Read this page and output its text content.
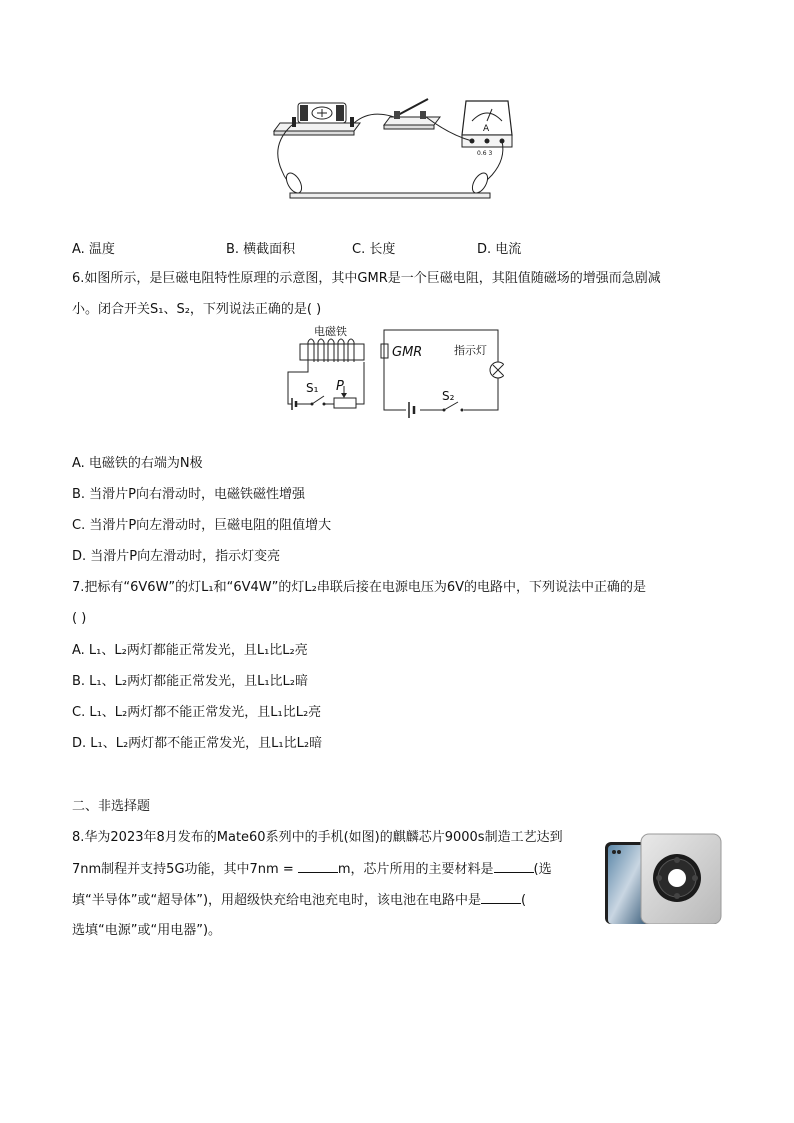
A
0.6 3
A. 温度	B. 横截面积	C. 长度	D. 电流
6.如图所示，是巨磁电阻特性原理的示意图，其中GMR是一个巨磁电阻，其阻值随磁场的增强而急剧减
小。闭合开关S₁、S₂，下列说法正确的是( )
电磁铁
S₁ P
GMR	指示灯
S₂
A. 电磁铁的右端为N极
B. 当滑片P向右滑动时，电磁铁磁性增强
C. 当滑片P向左滑动时，巨磁电阻的阻值增大
D. 当滑片P向左滑动时，指示灯变亮
7.把标有“6V6W”的灯L₁和“6V4W”的灯L₂串联后接在电源电压为6V的电路中，下列说法中正确的是
( )
A. L₁、L₂两灯都能正常发光，且L₁比L₂亮
B. L₁、L₂两灯都能正常发光，且L₁比L₂暗
C. L₁、L₂两灯都不能正常发光，且L₁比L₂亮
D. L₁、L₂两灯都不能正常发光，且L₁比L₂暗
二、非选择题
8.华为2023年8月发布的Mate60系列中的手机(如图)的麒麟芯片9000s制造工艺达到
7nm制程并支持5G功能，其中7nm =	m，芯片所用的主要材料是	(选
填“半导体”或“超导体”)，用超级快充给电池充电时，该电池在电路中是	(
选填“电源”或“用电器”)。
